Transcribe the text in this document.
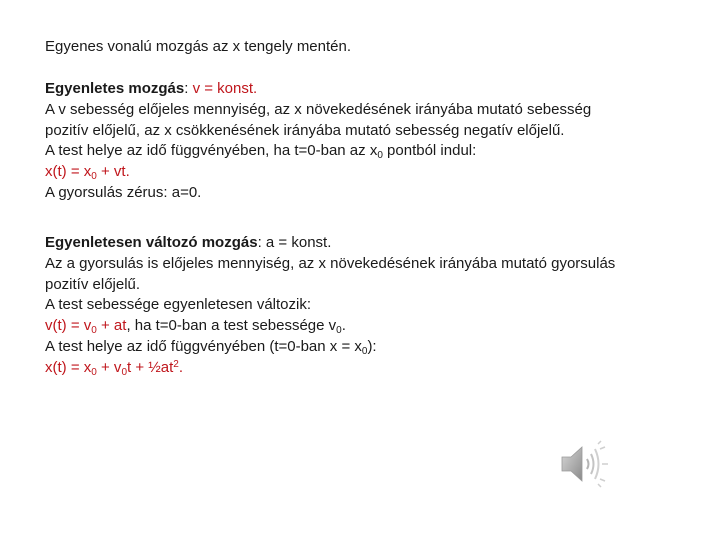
Egyenes vonalú mozgás az x tengely mentén.
Egyenletes mozgás: v = konst.
A v sebesség előjeles mennyiség, az x növekedésének irányába mutató sebesség
pozitív előjelű, az x csökkenésének irányába mutató sebesség negatív előjelű.
A test helye az idő függvényében, ha t=0-ban az $x_0$ pontból indul:
$x(t) = x_0$ + vt.
A gyorsulás zérus: a=0.
Egyenletesen változó mozgás: a = konst.
Az a gyorsulás is előjeles mennyiség, az x növekedésének irányába mutató gyorsulás
pozitív előjelű.
A test sebessége egyenletesen változik:
$v(t) = v_0$ + at, ha t=0-ban a test sebessége $v_0$.
A test helye az idő függvényében (t=0-ban $x = x_0$):
$x(t) = x_0 + v_0t$ + $\frac{1}{2}at^2$.
